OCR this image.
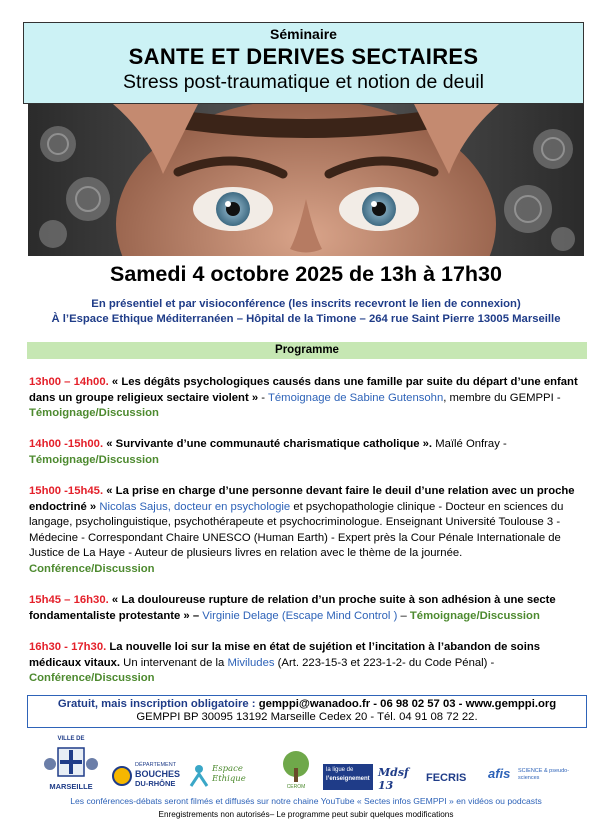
Séminaire
SANTE ET DERIVES SECTAIRES
Stress post-traumatique et notion de deuil
Samedi 4 octobre 2025 de 13h à 17h30
En présentiel et par visioconférence (les inscrits recevront le lien de connexion)
À l’Espace Ethique Méditerranéen – Hôpital de la Timone – 264 rue Saint Pierre 13005 Marseille
Programme
13h00 – 14h00. « Les dégâts psychologiques causés dans une famille par suite du départ d’une enfant dans un groupe religieux sectaire violent » - Témoignage de Sabine Gutensohn, membre du GEMPPI - Témoignage/Discussion
14h00 -15h00. « Survivante d’une communauté charismatique catholique ». Maïlé Onfray - Témoignage/Discussion
15h00 -15h45. « La prise en charge d’une personne devant faire le deuil d’une relation avec un proche endoctriné » Nicolas Sajus, docteur en psychologie et psychopathologie clinique - Docteur en sciences du langage, psycholinguistique, psychothérapeute et psychocriminologue. Enseignant Université Toulouse 3 - Médecine - Correspondant Chaire UNESCO (Human Earth) - Expert près la Cour Pénale Internationale de Justice de La Haye - Auteur de plusieurs livres en relation avec le thème de la journée. Conférence/Discussion
15h45 – 16h30. « La douloureuse rupture de relation d’un proche suite à son adhésion à une secte fondamentaliste protestante » – Virginie Delage (Escape Mind Control ) – Témoignage/Discussion
16h30 - 17h30. La nouvelle loi sur la mise en état de sujétion et l’incitation à l’abandon de soins médicaux vitaux. Un intervenant de la Miviludes (Art. 223-15-3 et 223-1-2- du Code Pénal) - Conférence/Discussion
Gratuit, mais inscription obligatoire : gemppi@wanadoo.fr - 06 98 02 57 03 - www.gemppi.org
GEMPPI BP 30095 13192 Marseille Cedex 20 - Tél. 04 91 08 72 22.
VILLE DE
MARSEILLE
DÉPARTEMENT
BOUCHES
DU-RHÔNE
Espace Ethique
CEROM
la ligue de
l’enseignement Mdsf 13
FECRIS afis SCIENCE & pseudo-sciences
Les conférences-débats seront filmés et diffusés sur notre chaine YouTube « Sectes infos GEMPPI » en vidéos ou podcasts
Enregistrements non autorisés– Le programme peut subir quelques modifications
